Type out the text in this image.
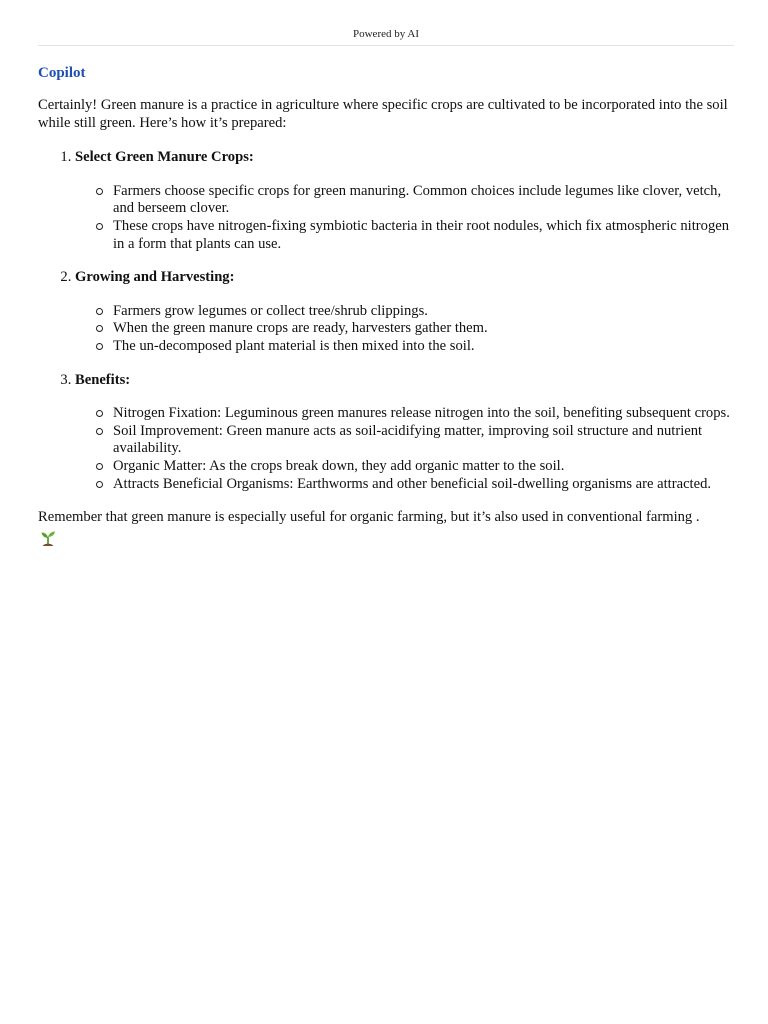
Powered by AI
Copilot
Certainly! Green manure is a practice in agriculture where specific crops are cultivated to be incorporated into the soil while still green. Here’s how it’s prepared:
1. Select Green Manure Crops:
Farmers choose specific crops for green manuring. Common choices include legumes like clover, vetch, and berseem clover.
These crops have nitrogen-fixing symbiotic bacteria in their root nodules, which fix atmospheric nitrogen in a form that plants can use.
2. Growing and Harvesting:
Farmers grow legumes or collect tree/shrub clippings.
When the green manure crops are ready, harvesters gather them.
The un-decomposed plant material is then mixed into the soil.
3. Benefits:
Nitrogen Fixation: Leguminous green manures release nitrogen into the soil, benefiting subsequent crops.
Soil Improvement: Green manure acts as soil-acidifying matter, improving soil structure and nutrient availability.
Organic Matter: As the crops break down, they add organic matter to the soil.
Attracts Beneficial Organisms: Earthworms and other beneficial soil-dwelling organisms are attracted.
Remember that green manure is especially useful for organic farming, but it’s also used in conventional farming .
